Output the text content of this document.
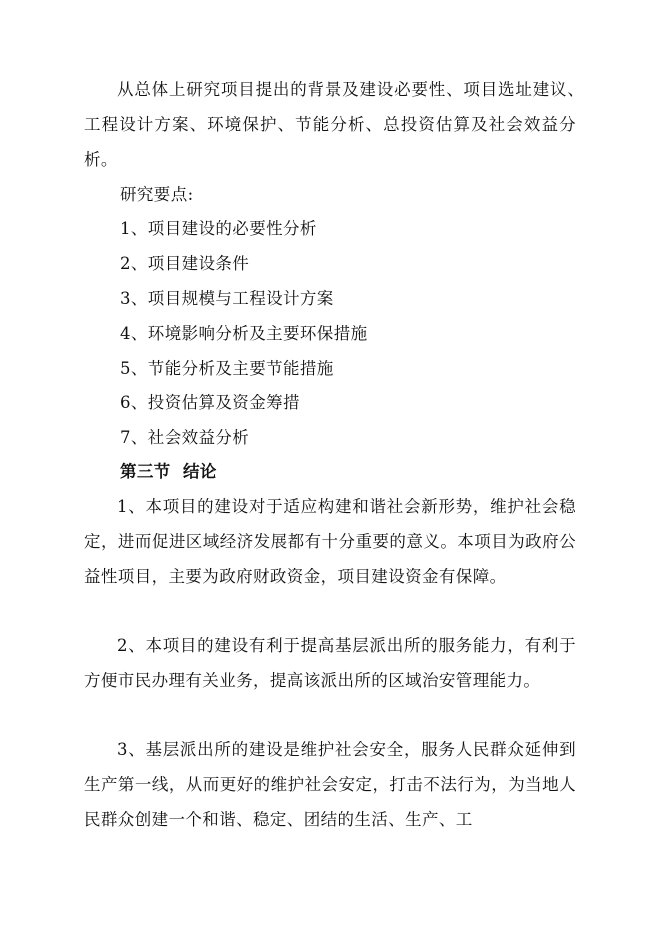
从总体上研究项目提出的背景及建设必要性、项目选址建议、　工程设计方案、环境保护、节能分析、总投资估算及社会效益分析。

研究要点:

1、项目建设的必要性分析

2、项目建设条件

3、项目规模与工程设计方案

4、环境影响分析及主要环保措施

5、节能分析及主要节能措施

6、投资估算及资金筹措

7、社会效益分析

第三节  结论

1、本项目的建设对于适应构建和谐社会新形势，维护社会稳定，进而促进区域经济发展都有十分重要的意义。本项目为政府公益性项目，主要为政府财政资金，项目建设资金有保障。

2、本项目的建设有利于提高基层派出所的服务能力，有利于方便市民办理有关业务，提高该派出所的区域治安管理能力。

3、基层派出所的建设是维护社会安全，服务人民群众延伸到生产第一线，从而更好的维护社会安定，打击不法行为，为当地人民群众创建一个和谐、稳定、团结的生活、生产、工
